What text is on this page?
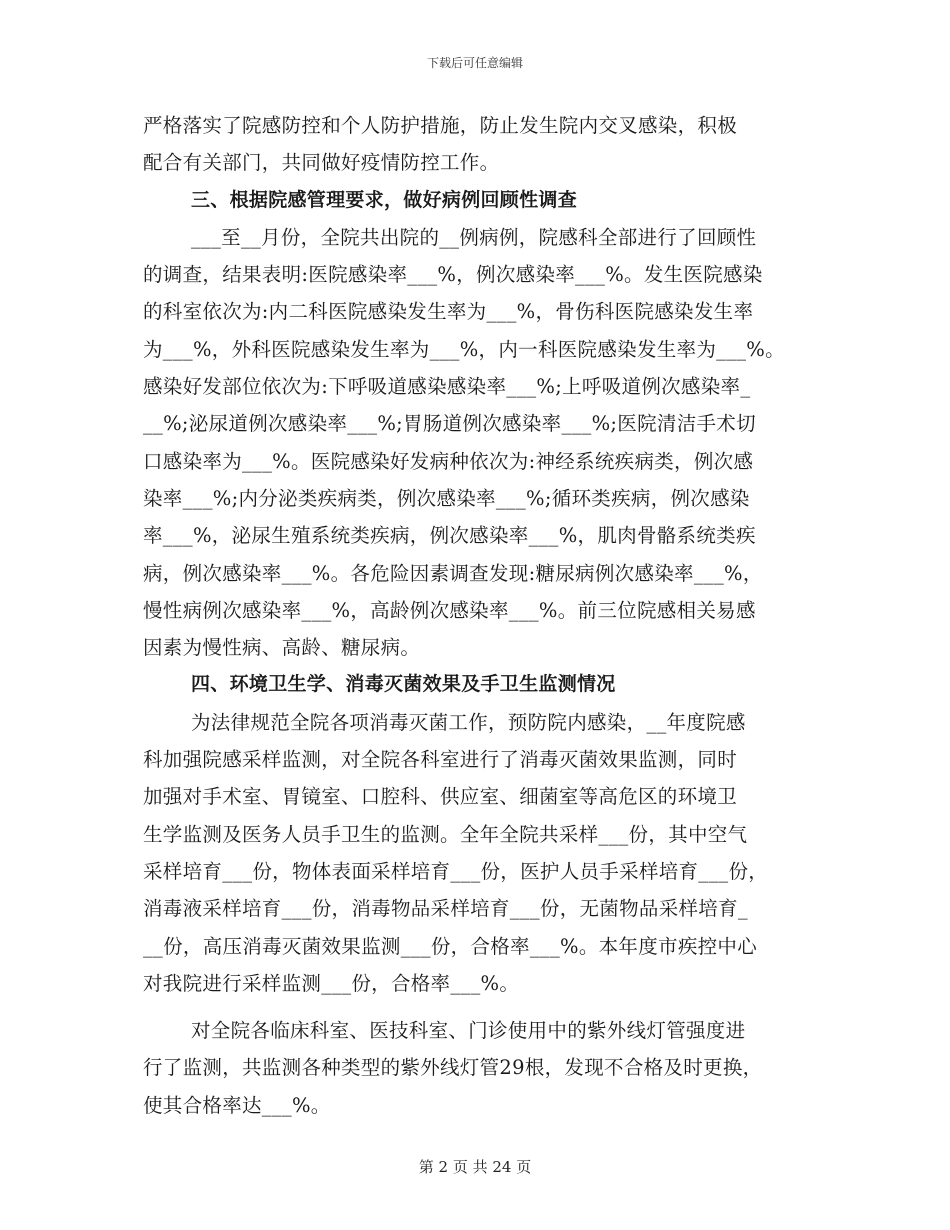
下载后可任意编辑
严格落实了院感防控和个人防护措施，防止发生院内交叉感染，积极
配合有关部门，共同做好疫情防控工作。
三、根据院感管理要求，做好病例回顾性调查
___至__月份，全院共出院的__例病例，院感科全部进行了回顾性
的调查，结果表明:医院感染率___%，例次感染率___%。发生医院感染
的科室依次为:内二科医院感染发生率为___%，骨伤科医院感染发生率
为___%，外科医院感染发生率为___%，内一科医院感染发生率为___%。
感染好发部位依次为:下呼吸道感染感染率___%;上呼吸道例次感染率_
__%;泌尿道例次感染率___%;胃肠道例次感染率___%;医院清洁手术切
口感染率为___%。医院感染好发病种依次为:神经系统疾病类，例次感
染率___%;内分泌类疾病类，例次感染率___%;循环类疾病，例次感染
率___%，泌尿生殖系统类疾病，例次感染率___%，肌肉骨骼系统类疾
病，例次感染率___%。各危险因素调查发现:糖尿病例次感染率___%，
慢性病例次感染率___%，高龄例次感染率___%。前三位院感相关易感
因素为慢性病、高龄、糖尿病。
四、环境卫生学、消毒灭菌效果及手卫生监测情况
为法律规范全院各项消毒灭菌工作，预防院内感染，__年度院感
科加强院感采样监测，对全院各科室进行了消毒灭菌效果监测，同时
加强对手术室、胃镜室、口腔科、供应室、细菌室等高危区的环境卫
生学监测及医务人员手卫生的监测。全年全院共采样___份，其中空气
采样培育___份，物体表面采样培育___份，医护人员手采样培育___份，
消毒液采样培育___份，消毒物品采样培育___份，无菌物品采样培育_
__份，高压消毒灭菌效果监测___份，合格率___%。本年度市疾控中心
对我院进行采样监测___份，合格率___%。
对全院各临床科室、医技科室、门诊使用中的紫外线灯管强度进
行了监测，共监测各种类型的紫外线灯管29根，发现不合格及时更换，
使其合格率达___%。
第 2 页 共 24 页
